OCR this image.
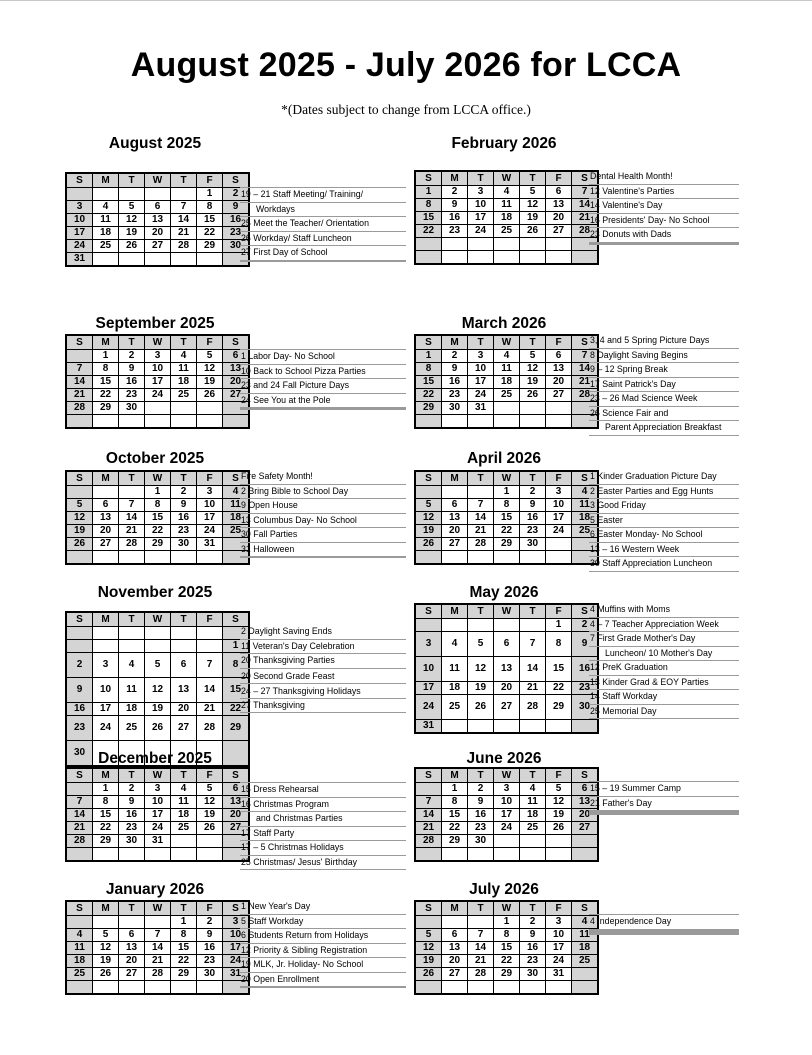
August 2025 - July 2026 for LCCA
*(Dates subject to change from LCCA office.)
August 2025
S	M	T	W	T	F	S
					1	2
3	4	5	6	7	8	9
10	11	12	13	14	15	16
17	18	19	20	21	22	23
24	25	26	27	28	29	30
31						
19 – 21 Staff Meeting/ Training/
Workdays
25 Meet the Teacher/ Orientation
26 Workday/ Staff Luncheon
27 First Day of School
February 2026
S	M	T	W	T	F	S
1	2	3	4	5	6	7
8	9	10	11	12	13	14
15	16	17	18	19	20	21
22	23	24	25	26	27	28

Dental Health Month!
12 Valentine's Parties
14 Valentine's Day
16 Presidents' Day- No School
23 Donuts with Dads
September 2025
S	M	T	W	T	F	S
	1	2	3	4	5	6
7	8	9	10	11	12	13
14	15	16	17	18	19	20
21	22	23	24	25	26	27
28	29	30				

1 Labor Day- No School
10 Back to School Pizza Parties
23 and 24 Fall Picture Days
24 See You at the Pole
March 2026
S	M	T	W	T	F	S
1	2	3	4	5	6	7
8	9	10	11	12	13	14
15	16	17	18	19	20	21
22	23	24	25	26	27	28
29	30	31				

3, 4 and 5 Spring Picture Days
8 Daylight Saving Begins
9 – 12 Spring Break
17 Saint Patrick's Day
23 – 26 Mad Science Week
26 Science Fair and
Parent Appreciation Breakfast
October 2025
S	M	T	W	T	F	S
			1	2	3	4
5	6	7	8	9	10	11
12	13	14	15	16	17	18
19	20	21	22	23	24	25
26	27	28	29	30	31	

Fire Safety Month!
2 Bring Bible to School Day
9 Open House
13 Columbus Day- No School
30 Fall Parties
31 Halloween
April 2026
S	M	T	W	T	F	S
			1	2	3	4
5	6	7	8	9	10	11
12	13	14	15	16	17	18
19	20	21	22	23	24	25
26	27	28	29	30		

1 Kinder Graduation Picture Day
2 Easter Parties and Egg Hunts
3 Good Friday
5 Easter
6 Easter Monday- No School
13 – 16 Western Week
30 Staff Appreciation Luncheon
November 2025
S	M	T	W	T	F	S

						1
2	3	4	5	6	7	8
9	10	11	12	13	14	15
16	17	18	19	20	21	22
23	24	25	26	27	28	29
30						
2 Daylight Saving Ends
11 Veteran's Day Celebration
20 Thanksgiving Parties
20 Second Grade Feast
24 – 27 Thanksgiving Holidays
27 Thanksgiving
May 2026
S	M	T	W	T	F	S
					1	2
3	4	5	6	7	8	9
10	11	12	13	14	15	16
17	18	19	20	21	22	23
24	25	26	27	28	29	30
31						
4 Muffins with Moms
4 – 7 Teacher Appreciation Week
7 First Grade Mother's Day
Luncheon/ 10 Mother's Day
12 PreK Graduation
13 Kinder Grad & EOY Parties
14 Staff Workday
25 Memorial Day
December 2025
S	M	T	W	T	F	S
	1	2	3	4	5	6
7	8	9	10	11	12	13
14	15	16	17	18	19	20
21	22	23	24	25	26	27
28	29	30	31			

15 Dress Rehearsal
16 Christmas Program
and Christmas Parties
17 Staff Party
17 – 5 Christmas Holidays
25 Christmas/ Jesus' Birthday
June 2026
S	M	T	W	T	F	S
	1	2	3	4	5	6
7	8	9	10	11	12	13
14	15	16	17	18	19	20
21	22	23	24	25	26	27
28	29	30				

15 – 19 Summer Camp
21 Father's Day
January 2026
S	M	T	W	T	F	S
				1	2	3
4	5	6	7	8	9	10
11	12	13	14	15	16	17
18	19	20	21	22	23	24
25	26	27	28	29	30	31

1 New Year's Day
5 Staff Workday
6 Students Return from Holidays
12 Priority & Sibling Registration
19 MLK, Jr. Holiday- No School
20 Open Enrollment
July 2026
S	M	T	W	T	F	S
			1	2	3	4
5	6	7	8	9	10	11
12	13	14	15	16	17	18
19	20	21	22	23	24	25
26	27	28	29	30	31	

4 Independence Day
